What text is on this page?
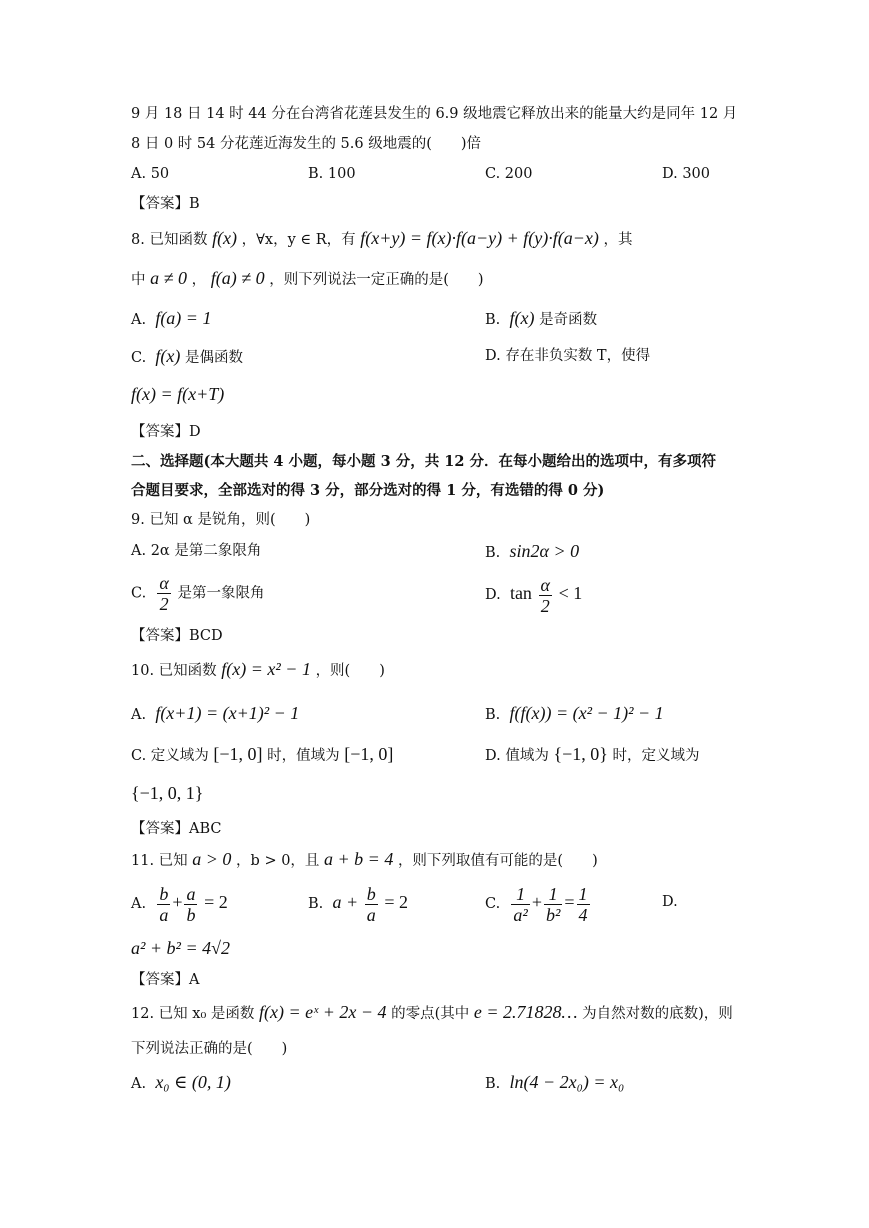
9 月 18 日 14 时 44 分在台湾省花莲县发生的 6.9 级地震它释放出来的能量大约是同年 12 月
8 日 0 时 54 分花莲近海发生的 5.6 级地震的(　　)倍
A. 50	B. 100	C. 200	D. 300
【答案】B
8. 已知函数 f(x) ，∀x，y ∈ R，有 f(x+y) = f(x)·f(a−y) + f(y)·f(a−x) ，其
中 a ≠ 0 ， f(a) ≠ 0 ，则下列说法一定正确的是(　　)
A. f(a) = 1	B. f(x) 是奇函数
C. f(x) 是偶函数	D. 存在非负实数 T，使得
f(x) = f(x+T)
【答案】D
二、选择题(本大题共 4 小题，每小题 3 分，共 12 分．在每小题给出的选项中，有多项符
合题目要求，全部选对的得 3 分，部分选对的得 1 分，有选错的得 0 分)
9. 已知 α 是锐角，则(　　)
A. 2α 是第二象限角	B. sin2α > 0
C. $\frac{\alpha}{2}$ 是第一象限角	D. $\tan \frac{\alpha}{2} < 1$
【答案】BCD
10. 已知函数 f(x) = x² − 1 ，则(　　)
A. f(x+1) = (x+1)² − 1	B. f(f(x)) = (x² − 1)² − 1
C. 定义域为 [−1, 0] 时，值域为 [−1, 0]	D. 值域为 {−1, 0} 时，定义域为
{−1, 0, 1}
【答案】ABC
11. 已知 a > 0 ，b > 0，且 a + b = 4 ，则下列取值有可能的是(　　)
A. $\frac{b}{a} + \frac{a}{b} = 2$	B. $a + \frac{b}{a} = 2$	C. $\frac{1}{\text{a²}} + \frac{1}{\text{b²}} = \frac{1}{4}$	D.
a² + b² = 4√2
【答案】A
12. 已知 x₀ 是函数 f(x) = eˣ + 2x − 4 的零点(其中 e = 2.71828… 为自然对数的底数)，则
下列说法正确的是(　　)
A. x₀ ∈ (0, 1)	B. ln(4 − 2x₀) = x₀
